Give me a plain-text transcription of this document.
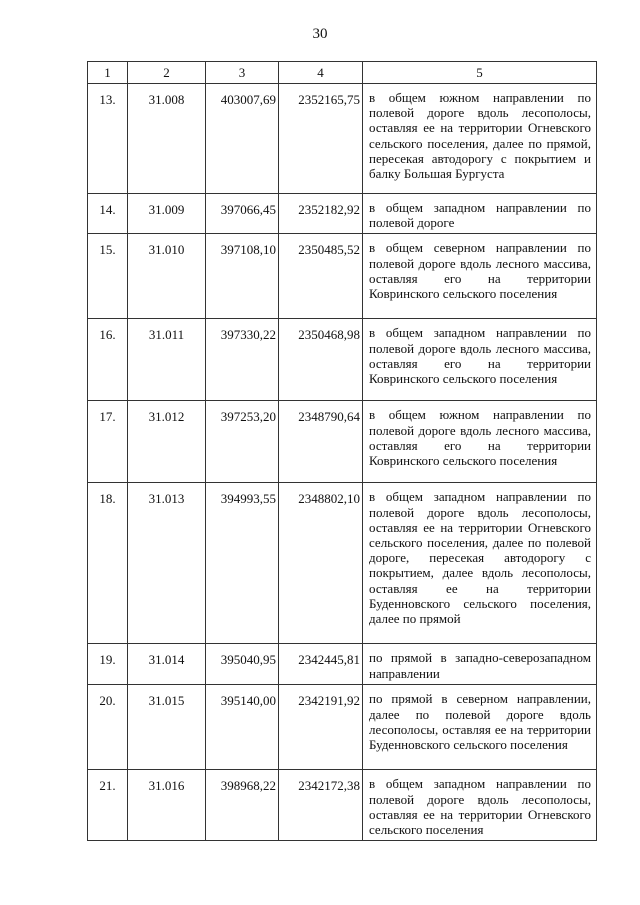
30
1	2	3	4	5
13.	31.008	403007,69	2352165,75	в общем южном направлении по полевой дороге вдоль лесополосы, оставляя ее на территории Огневского сельского поселения, далее по прямой, пересекая автодорогу с покрытием и балку Большая Бургуста
14.	31.009	397066,45	2352182,92	в общем западном направлении по полевой дороге
15.	31.010	397108,10	2350485,52	в общем северном направлении по полевой дороге вдоль лесного массива, оставляя его на территории Ковринского сельского поселения
16.	31.011	397330,22	2350468,98	в общем западном направлении по полевой дороге вдоль лесного массива, оставляя его на территории Ковринского сельского поселения
17.	31.012	397253,20	2348790,64	в общем южном направлении по полевой дороге вдоль лесного массива, оставляя его на территории Ковринского сельского поселения
18.	31.013	394993,55	2348802,10	в общем западном направлении по полевой дороге вдоль лесополосы, оставляя ее на территории Огневского сельского поселения, далее по полевой дороге, пересекая автодорогу с покрытием, далее вдоль лесополосы, оставляя ее на территории Буденновского сельского поселения, далее по прямой
19.	31.014	395040,95	2342445,81	по прямой в западно-северозападном направлении
20.	31.015	395140,00	2342191,92	по прямой в северном направлении, далее по полевой дороге вдоль лесополосы, оставляя ее на территории Буденновского сельского поселения
21.	31.016	398968,22	2342172,38	в общем западном направлении по полевой дороге вдоль лесополосы, оставляя ее на территории Огневского сельского поселения
